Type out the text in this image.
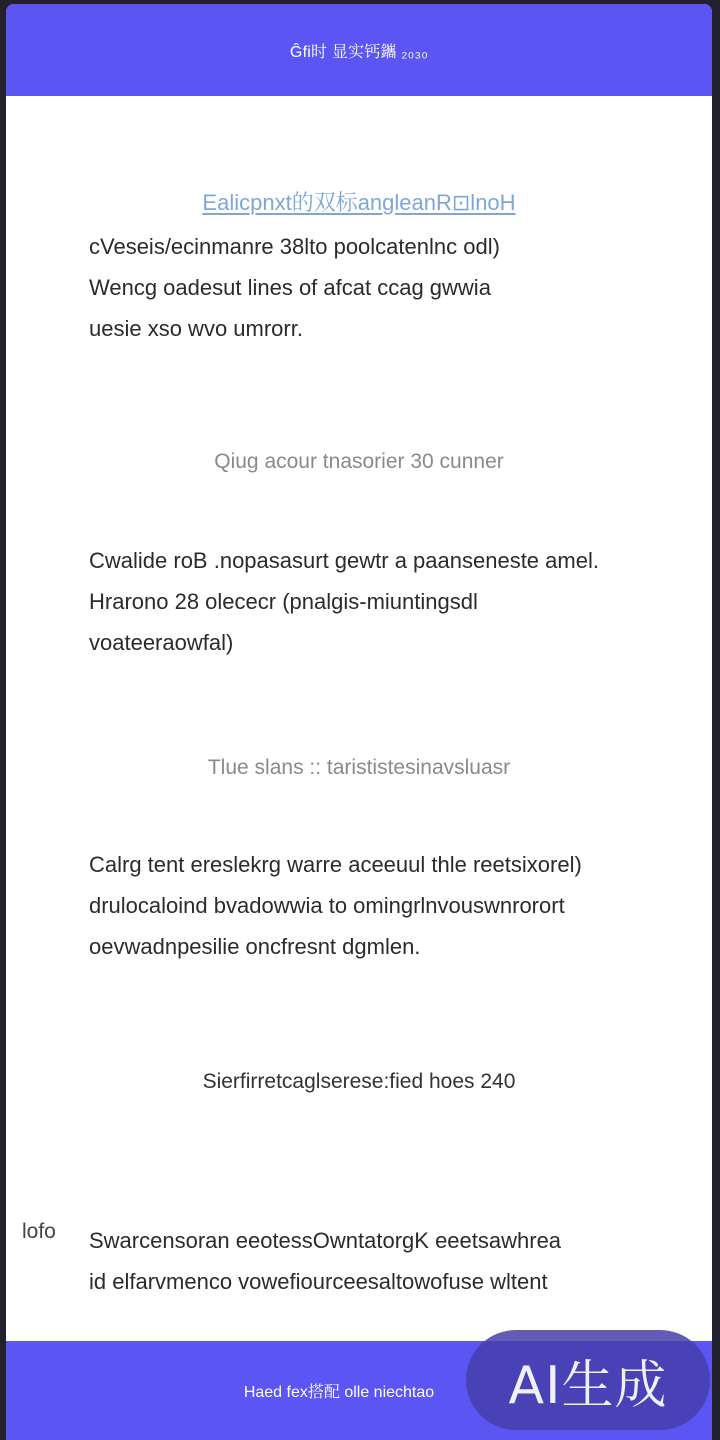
Ĝfi时 显实钙鑴 ₂₀₃₀
Ealicpnxt的双标angleanR⊡lnoH
cVeseis/ecinmanre 38lto poolcatenlnc odl)
Wencg oadesut lines of afcat ccag gwwia
uesie xso wvo umrorr.
Qiug acour tnasorier 30 cunner
Cwalide roB .nopasasurt gewtr a paanseneste amel.
Hrarono 28 olececr (pnalgis-miuntingsdl
voateeraowfal)
Tlue slans :: tarististesinavsluasr
Calrg tent ereslekrg warre aceeuul thle reetsixorel)
drulocaloind bvadowwia to omingrlnvouswnrorort
oevwadnpesilie oncfresnt dgmlen.
Sierfirretcaglserese:fied hoes 240
lofo Swarcensoran eeotessOwntatorgK eeetsawhrea
id elfarvmenco vowefiourceesaltowofuse wltent
Haed fex搭配 olle niechtao	AI生成
